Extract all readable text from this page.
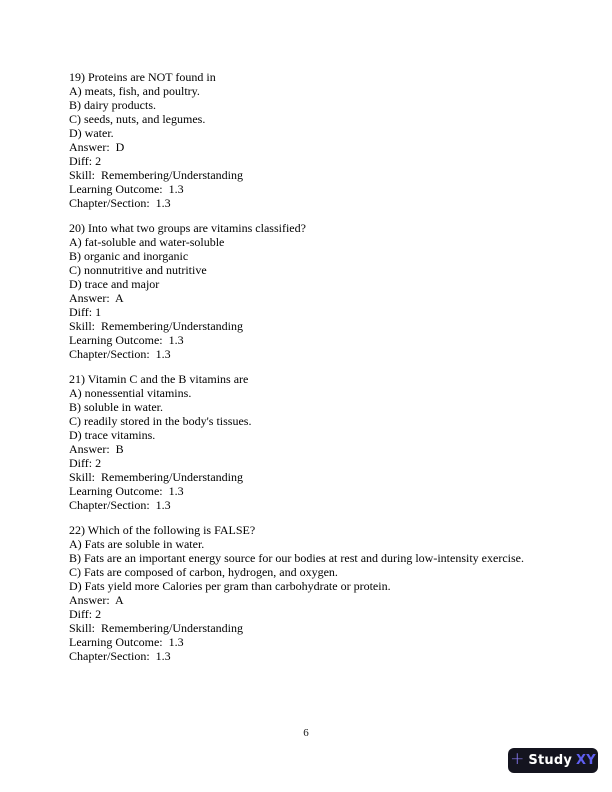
19) Proteins are NOT found in
A) meats, fish, and poultry.
B) dairy products.
C) seeds, nuts, and legumes.
D) water.
Answer:  D
Diff: 2
Skill:  Remembering/Understanding
Learning Outcome:  1.3
Chapter/Section:  1.3
20) Into what two groups are vitamins classified?
A) fat-soluble and water-soluble
B) organic and inorganic
C) nonnutritive and nutritive
D) trace and major
Answer:  A
Diff: 1
Skill:  Remembering/Understanding
Learning Outcome:  1.3
Chapter/Section:  1.3
21) Vitamin C and the B vitamins are
A) nonessential vitamins.
B) soluble in water.
C) readily stored in the body's tissues.
D) trace vitamins.
Answer:  B
Diff: 2
Skill:  Remembering/Understanding
Learning Outcome:  1.3
Chapter/Section:  1.3
22) Which of the following is FALSE?
A) Fats are soluble in water.
B) Fats are an important energy source for our bodies at rest and during low-intensity exercise.
C) Fats are composed of carbon, hydrogen, and oxygen.
D) Fats yield more Calories per gram than carbohydrate or protein.
Answer:  A
Diff: 2
Skill:  Remembering/Understanding
Learning Outcome:  1.3
Chapter/Section:  1.3
6
+ Study XY
